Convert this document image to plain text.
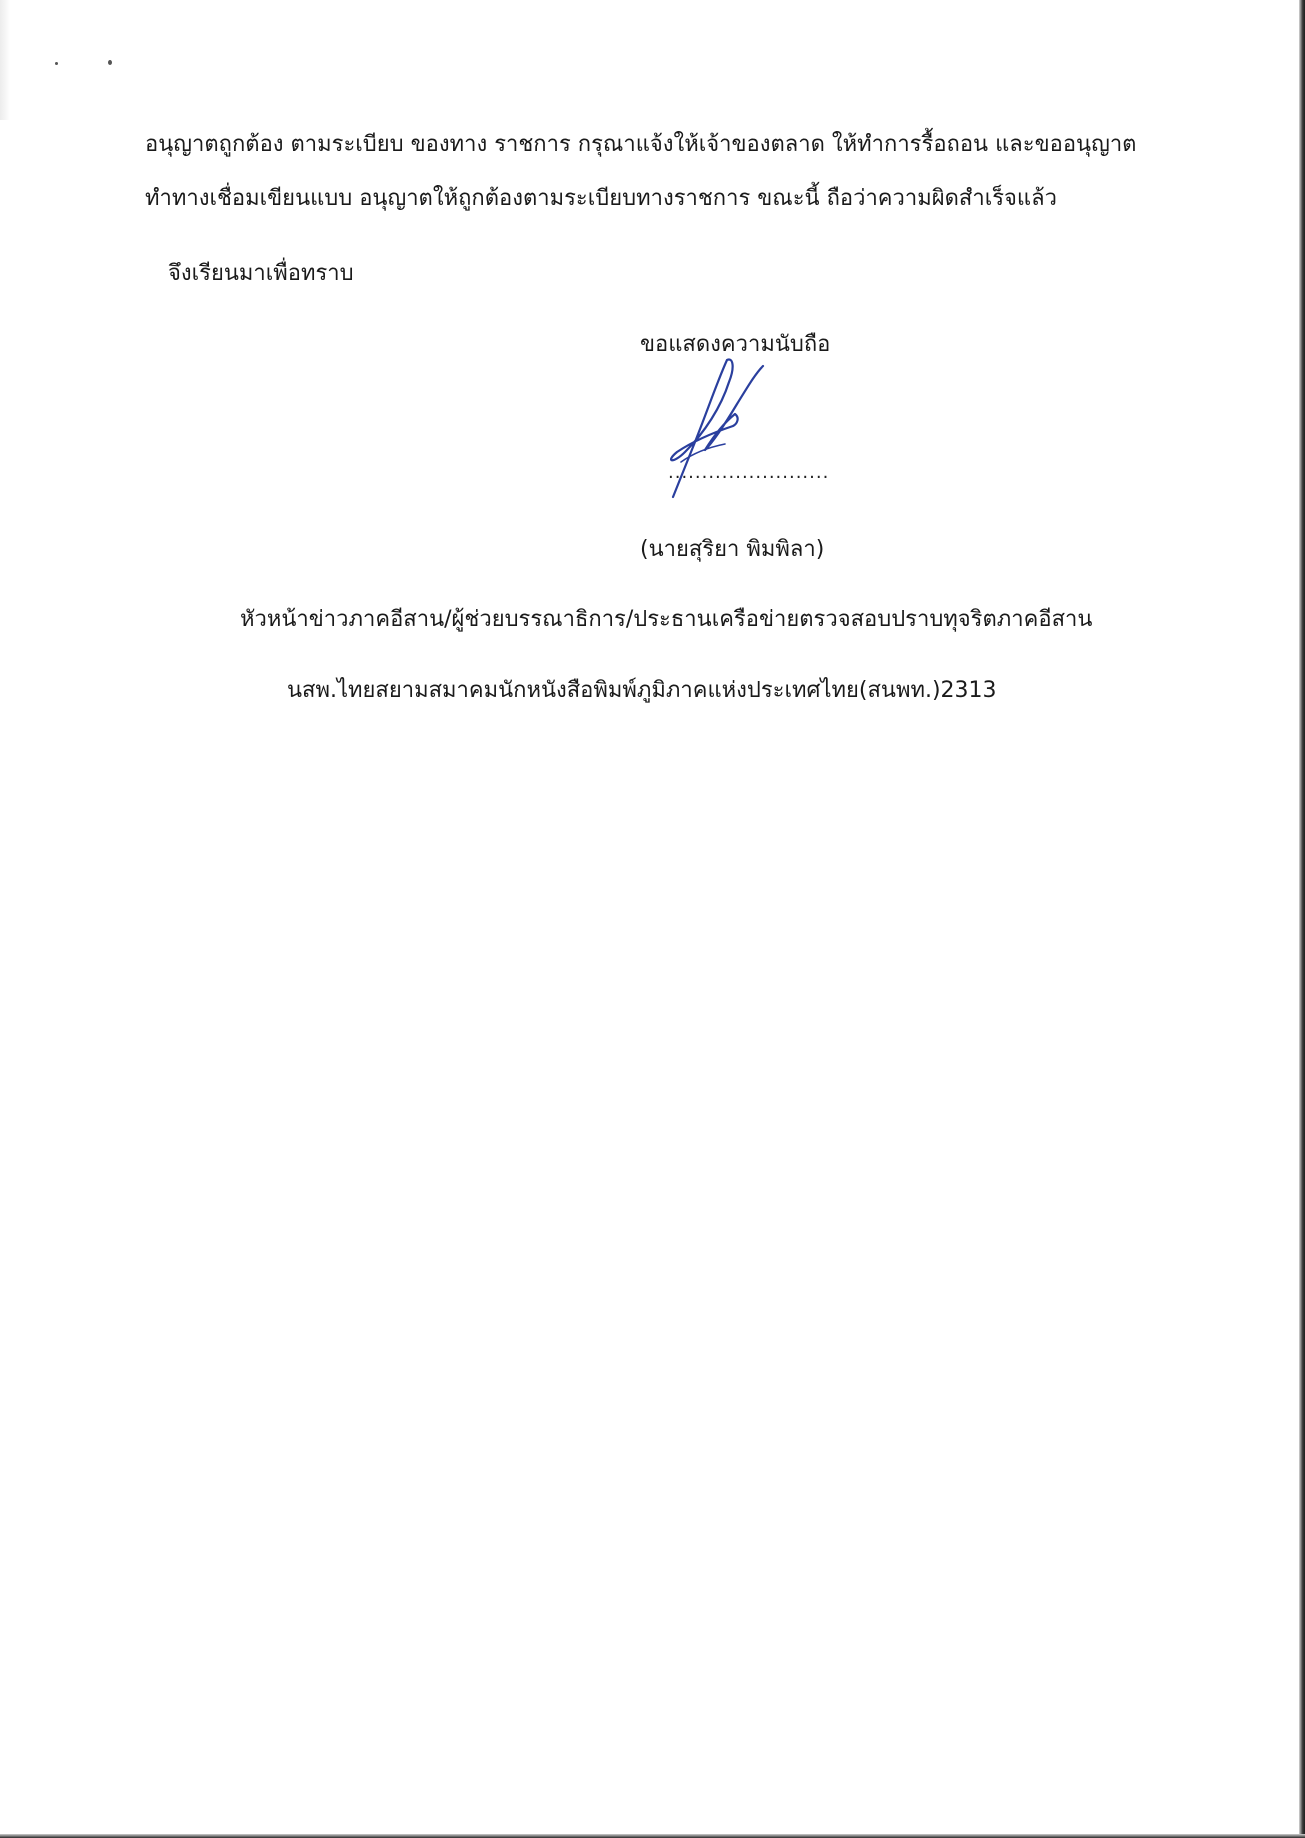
อนุญาตถูกต้อง ตามระเบียบ ของทาง ราชการ กรุณาแจ้งให้เจ้าของตลาด ให้ทำการรื้อถอน และขออนุญาต
ทำทางเชื่อมเขียนแบบ อนุญาตให้ถูกต้องตามระเบียบทางราชการ ขณะนี้ ถือว่าความผิดสำเร็จแล้ว
จึงเรียนมาเพื่อทราบ
ขอแสดงความนับถือ
........................
(นายสุริยา พิมพิลา)
หัวหน้าข่าวภาคอีสาน/ผู้ช่วยบรรณาธิการ/ประธานเครือข่ายตรวจสอบปราบทุจริตภาคอีสาน
นสพ.ไทยสยามสมาคมนักหนังสือพิมพ์ภูมิภาคแห่งประเทศไทย(สนพท.)2313
